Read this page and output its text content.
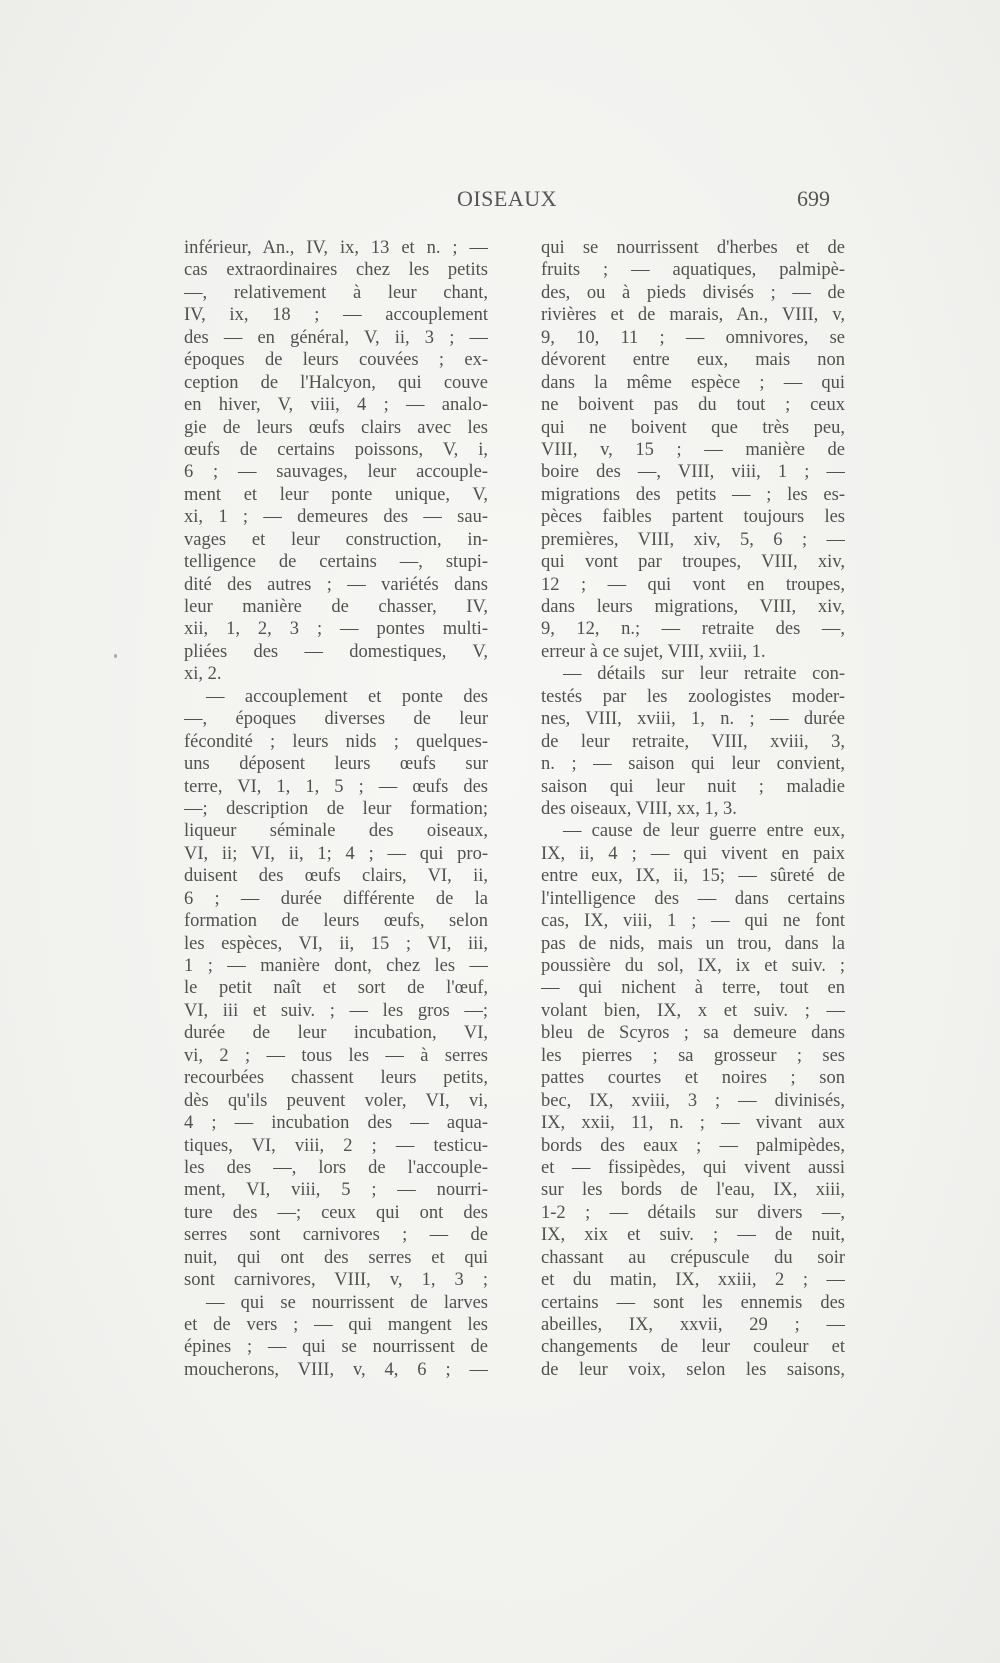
OISEAUX	699
inférieur, An., IV, ix, 13 et n. ; —
cas extraordinaires chez les petits
—, relativement à leur chant,
IV, ix, 18 ; — accouplement
des — en général, V, ii, 3 ; —
époques de leurs couvées ; ex-
ception de l'Halcyon, qui couve
en hiver, V, viii, 4 ; — analo-
gie de leurs œufs clairs avec les
œufs de certains poissons, V, i,
6 ; — sauvages, leur accouple-
ment et leur ponte unique, V,
xi, 1 ; — demeures des — sau-
vages et leur construction, in-
telligence de certains —, stupi-
dité des autres ; — variétés dans
leur manière de chasser, IV,
xii, 1, 2, 3 ; — pontes multi-
pliées des — domestiques, V,
xi, 2.
— accouplement et ponte des
—, époques diverses de leur
fécondité ; leurs nids ; quelques-
uns déposent leurs œufs sur
terre, VI, 1, 1, 5 ; — œufs des
—; description de leur formation;
liqueur séminale des oiseaux,
VI, ii; VI, ii, 1; 4 ; — qui pro-
duisent des œufs clairs, VI, ii,
6 ; — durée différente de la
formation de leurs œufs, selon
les espèces, VI, ii, 15 ; VI, iii,
1 ; — manière dont, chez les —
le petit naît et sort de l'œuf,
VI, iii et suiv. ; — les gros —;
durée de leur incubation, VI,
vi, 2 ; — tous les — à serres
recourbées chassent leurs petits,
dès qu'ils peuvent voler, VI, vi,
4 ; — incubation des — aqua-
tiques, VI, viii, 2 ; — testicu-
les des —, lors de l'accouple-
ment, VI, viii, 5 ; — nourri-
ture des —; ceux qui ont des
serres sont carnivores ; — de
nuit, qui ont des serres et qui
sont carnivores, VIII, v, 1, 3 ;
— qui se nourrissent de larves
et de vers ; — qui mangent les
épines ; — qui se nourrissent de
moucherons, VIII, v, 4, 6 ; —
qui se nourrissent d'herbes et de
fruits ; — aquatiques, palmipè-
des, ou à pieds divisés ; — de
rivières et de marais, An., VIII, v,
9, 10, 11 ; — omnivores, se
dévorent entre eux, mais non
dans la même espèce ; — qui
ne boivent pas du tout ; ceux
qui ne boivent que très peu,
VIII, v, 15 ; — manière de
boire des —, VIII, viii, 1 ; —
migrations des petits — ; les es-
pèces faibles partent toujours les
premières, VIII, xiv, 5, 6 ; —
qui vont par troupes, VIII, xiv,
12 ; — qui vont en troupes,
dans leurs migrations, VIII, xiv,
9, 12, n.; — retraite des —,
erreur à ce sujet, VIII, xviii, 1.
— détails sur leur retraite con-
testés par les zoologistes moder-
nes, VIII, xviii, 1, n. ; — durée
de leur retraite, VIII, xviii, 3,
n. ; — saison qui leur convient,
saison qui leur nuit ; maladie
des oiseaux, VIII, xx, 1, 3.
— cause de leur guerre entre eux,
IX, ii, 4 ; — qui vivent en paix
entre eux, IX, ii, 15; — sûreté de
l'intelligence des — dans certains
cas, IX, viii, 1 ; — qui ne font
pas de nids, mais un trou, dans la
poussière du sol, IX, ix et suiv. ;
— qui nichent à terre, tout en
volant bien, IX, x et suiv. ; —
bleu de Scyros ; sa demeure dans
les pierres ; sa grosseur ; ses
pattes courtes et noires ; son
bec, IX, xviii, 3 ; — divinisés,
IX, xxii, 11, n. ; — vivant aux
bords des eaux ; — palmipèdes,
et — fissipèdes, qui vivent aussi
sur les bords de l'eau, IX, xiii,
1-2 ; — détails sur divers —,
IX, xix et suiv. ; — de nuit,
chassant au crépuscule du soir
et du matin, IX, xxiii, 2 ; —
certains — sont les ennemis des
abeilles, IX, xxvii, 29 ; —
changements de leur couleur et
de leur voix, selon les saisons,
